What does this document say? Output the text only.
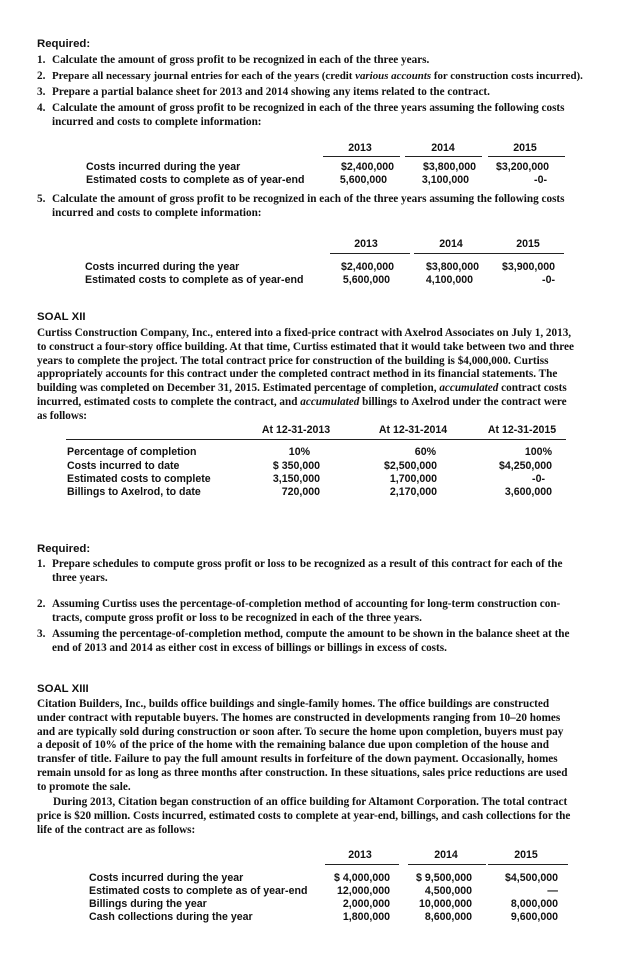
Required:
1. Calculate the amount of gross profit to be recognized in each of the three years.
2. Prepare all necessary journal entries for each of the years (credit various accounts for construction costs incurred).
3. Prepare a partial balance sheet for 2013 and 2014 showing any items related to the contract.
4. Calculate the amount of gross profit to be recognized in each of the three years assuming the following costs
incurred and costs to complete information:
2013	2014	2015
Costs incurred during the year	$2,400,000	$3,800,000	$3,200,000
Estimated costs to complete as of year-end	5,600,000	3,100,000	-0-
5. Calculate the amount of gross profit to be recognized in each of the three years assuming the following costs
incurred and costs to complete information:
2013	2014	2015
Costs incurred during the year	$2,400,000	$3,800,000	$3,900,000
Estimated costs to complete as of year-end	5,600,000	4,100,000	-0-
SOAL XII
Curtiss Construction Company, Inc., entered into a fixed-price contract with Axelrod Associates on July 1, 2013,
to construct a four-story office building. At that time, Curtiss estimated that it would take between two and three
years to complete the project. The total contract price for construction of the building is $4,000,000. Curtiss
appropriately accounts for this contract under the completed contract method in its financial statements. The
building was completed on December 31, 2015. Estimated percentage of completion, accumulated contract costs
incurred, estimated costs to complete the contract, and accumulated billings to Axelrod under the contract were
as follows:
At 12-31-2013	At 12-31-2014	At 12-31-2015
Percentage of completion	10%	60%	100%
Costs incurred to date	$ 350,000	$2,500,000	$4,250,000
Estimated costs to complete	3,150,000	1,700,000	-0-
Billings to Axelrod, to date	720,000	2,170,000	3,600,000
Required:
1. Prepare schedules to compute gross profit or loss to be recognized as a result of this contract for each of the
three years.
2. Assuming Curtiss uses the percentage-of-completion method of accounting for long-term construction con-
tracts, compute gross profit or loss to be recognized in each of the three years.
3. Assuming the percentage-of-completion method, compute the amount to be shown in the balance sheet at the
end of 2013 and 2014 as either cost in excess of billings or billings in excess of costs.
SOAL XIII
Citation Builders, Inc., builds office buildings and single-family homes. The office buildings are constructed
under contract with reputable buyers. The homes are constructed in developments ranging from 10–20 homes
and are typically sold during construction or soon after. To secure the home upon completion, buyers must pay
a deposit of 10% of the price of the home with the remaining balance due upon completion of the house and
transfer of title. Failure to pay the full amount results in forfeiture of the down payment. Occasionally, homes
remain unsold for as long as three months after construction. In these situations, sales price reductions are used
to promote the sale.
During 2013, Citation began construction of an office building for Altamont Corporation. The total contract
price is $20 million. Costs incurred, estimated costs to complete at year-end, billings, and cash collections for the
life of the contract are as follows:
2013	2014	2015
Costs incurred during the year	$ 4,000,000	$ 9,500,000	$4,500,000
Estimated costs to complete as of year-end	12,000,000	4,500,000	—
Billings during the year	2,000,000	10,000,000	8,000,000
Cash collections during the year	1,800,000	8,600,000	9,600,000
